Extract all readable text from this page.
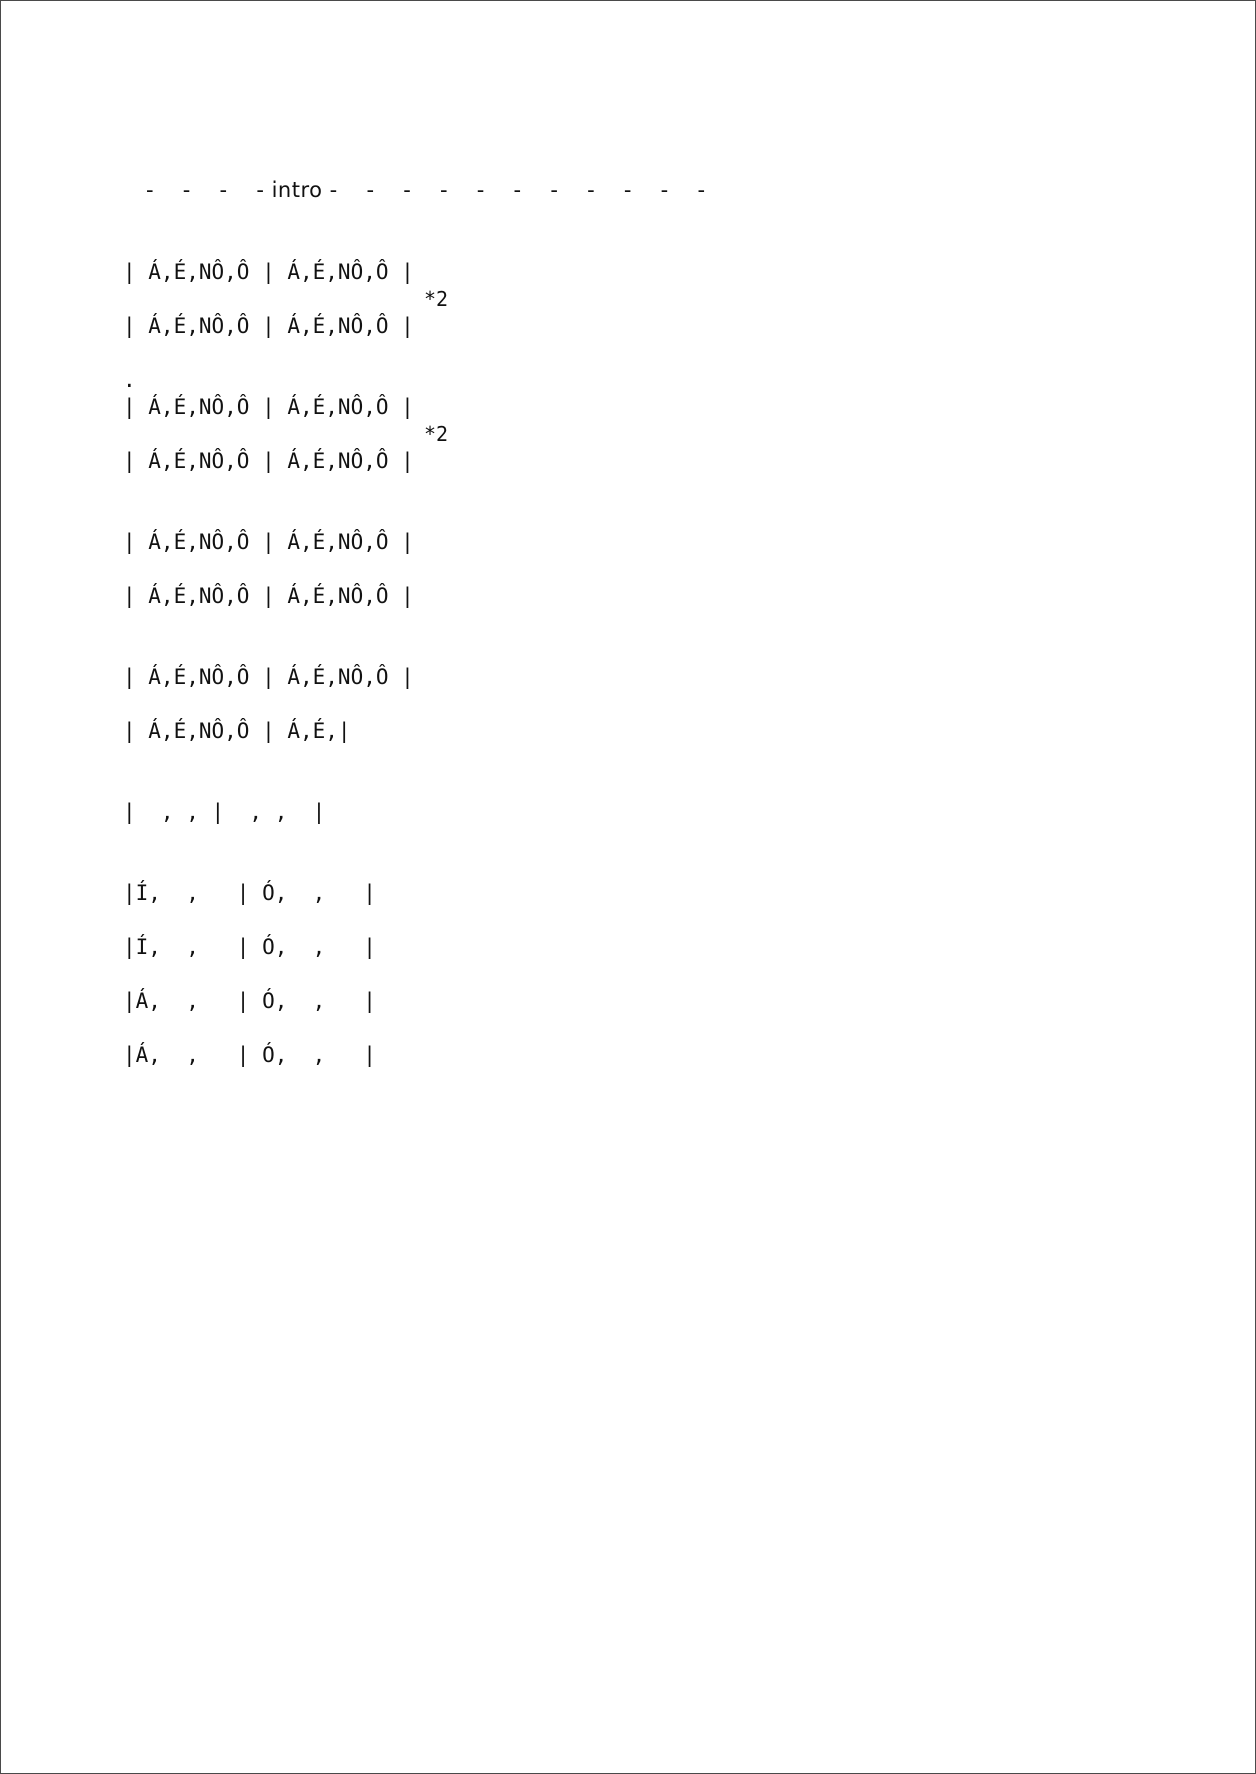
-    -    -    - intro -    -    -    -    -    -    -    -    -    -    -
| Á,É,NÔ,Ô | Á,É,NÔ,Ô |
| Á,É,NÔ,Ô | Á,É,NÔ,Ô |
*2
.
| Á,É,NÔ,Ô | Á,É,NÔ,Ô |
| Á,É,NÔ,Ô | Á,É,NÔ,Ô |
*2
| Á,É,NÔ,Ô | Á,É,NÔ,Ô |
| Á,É,NÔ,Ô | Á,É,NÔ,Ô |
| Á,É,NÔ,Ô | Á,É,NÔ,Ô |
| Á,É,NÔ,Ô | Á,É,|
|  , , |  , ,  |
|Í,  ,   | Ó,  ,   |
|Í,  ,   | Ó,  ,   |
|Á,  ,   | Ó,  ,   |
|Á,  ,   | Ó,  ,   |
